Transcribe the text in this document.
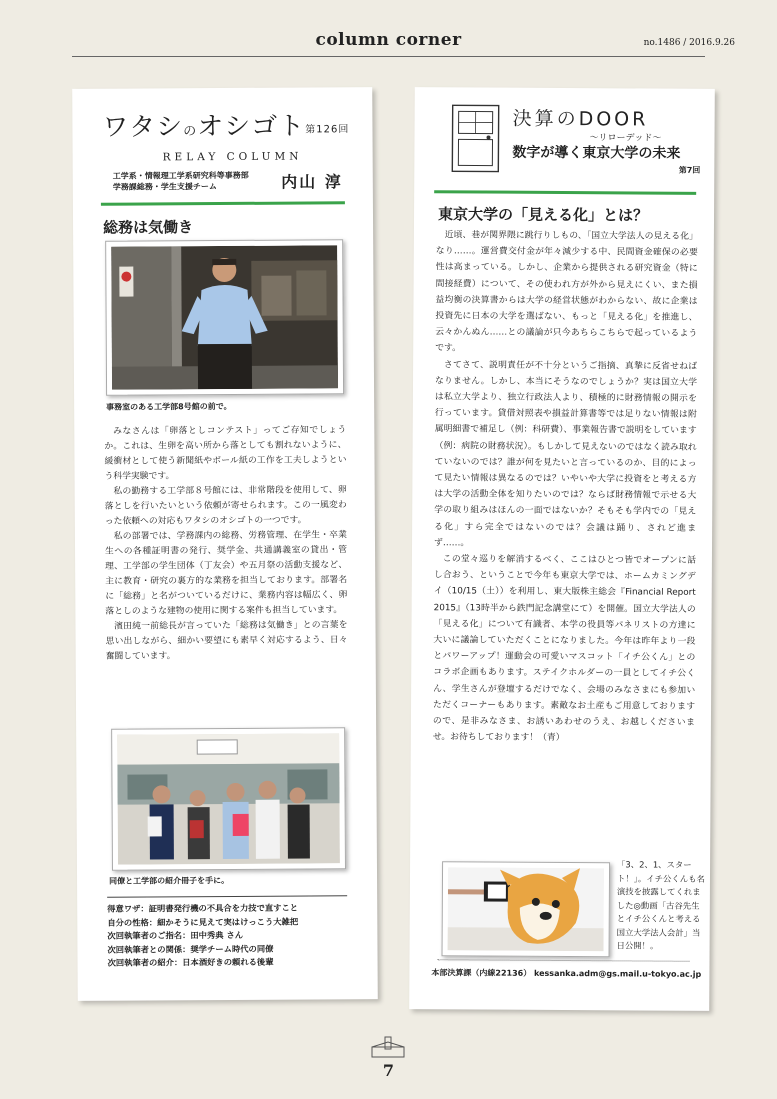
column corner	no.1486 / 2016.9.26
ワタシのオシゴト$^{第126回}$
RELAY COLUMN
工学系・情報理工学系研究科等事務部
学務課総務・学生支援チーム	内山 淳
総務は気働き
事務室のある工学部8号館の前で。

みなさんは「卵落としコンテスト」ってご存知でしょうか。これは、生卵を高い所から落としても割れないように、緩衝材として使う新聞紙やボール紙の工作を工夫しようという科学実験です。

私の勤務する工学部８号館には、非常階段を使用して、卵落としを行いたいという依頼が寄せられます。この一風変わった依頼への対応もワタシのオシゴトの一つです。

私の部署では、学務課内の総務、労務管理、在学生・卒業生への各種証明書の発行、奨学金、共通講義室の貸出・管理、工学部の学生団体（丁友会）や五月祭の活動支援など、主に教育・研究の裏方的な業務を担当しております。部署名に「総務」と名がついているだけに、業務内容は幅広く、卵落としのような建物の使用に関する案件も担当しています。

濱田純一前総長が言っていた「総務は気働き」との言葉を思い出しながら、細かい要望にも素早く対応するよう、日々奮闘しています。

同僚と工学部の紹介冊子を手に。
得意ワザ：証明書発行機の不具合を力技で直すこと
自分の性格：細かそうに見えて実はけっこう大雑把
次回執筆者のご指名：田中秀典 さん
次回執筆者との関係：奨学チーム時代の同僚
次回執筆者の紹介：日本酒好きの頼れる後輩
決算のDOOR
～リローデッド～
数字が導く東京大学の未来
第7回
東京大学の「見える化」とは？

近頃、巷が関界隈に跳行りしもの、「国立大学法人の見える化」なり……。運営費交付金が年々減少する中、民間資金確保の必要性は高まっている。しかし、企業から提供される研究資金（特に間接経費）について、その使われ方が外から見えにくい、また損益均衡の決算書からは大学の経営状態がわからない、故に企業は投資先に日本の大学を選ばない、もっと「見える化」を推進し、云々かんぬん……との議論が只今あちらこちらで起っているようです。

さてさて、説明責任が不十分というご指摘、真摯に反省せねばなりません。しかし、本当にそうなのでしょうか？実は国立大学は私立大学より、独立行政法人より、積極的に財務情報の開示を行っています。貸借対照表や損益計算書等では足りない情報は附属明細書で補足し（例：科研費）、事業報告書で説明をしています（例：病院の財務状況）。もしかして見えないのではなく読み取れていないのでは？誰が何を見たいと言っているのか、目的によって見たい情報は異なるのでは？いやいや大学に投資をと考える方は大学の活動全体を知りたいのでは？ならば財務情報で示せる大学の取り組みはほんの一面ではないか？そもそも学内での「見える化」すら完全ではないのでは？会議は踊り、されど進まず……。

この堂々巡りを解消するべく、ここはひとつ皆でオープンに話し合おう、ということで今年も東京大学では、ホームカミングデイ（10/15（土））を利用し、東大版株主総会『Financial Report 2015』（13時半から鉄門記念講堂にて）を開催。国立大学法人の「見える化」について有識者、本学の役員等パネリストの方達に大いに議論していただくことになりました。今年は昨年より一段とパワーアップ！運動会の可愛いマスコット「イチ公くん」とのコラボ企画もあります。ステイクホルダーの一員としてイチ公くん、学生さんが登壇するだけでなく、会場のみなさまにも参加いただくコーナーもあります。素敵なお土産もご用意しておりますので、是非みなさま、お誘いあわせのうえ、お越しくださいませ。お待ちしております！（青）

「3、2、1、スタート！」。イチ公くんも名演技を披露してくれました◎動画「古谷先生とイチ公くんと考える国立大学法人会計」当日公開！。
本部決算課（内線22136） kessanka.adm@gs.mail.u-tokyo.ac.jp
7
